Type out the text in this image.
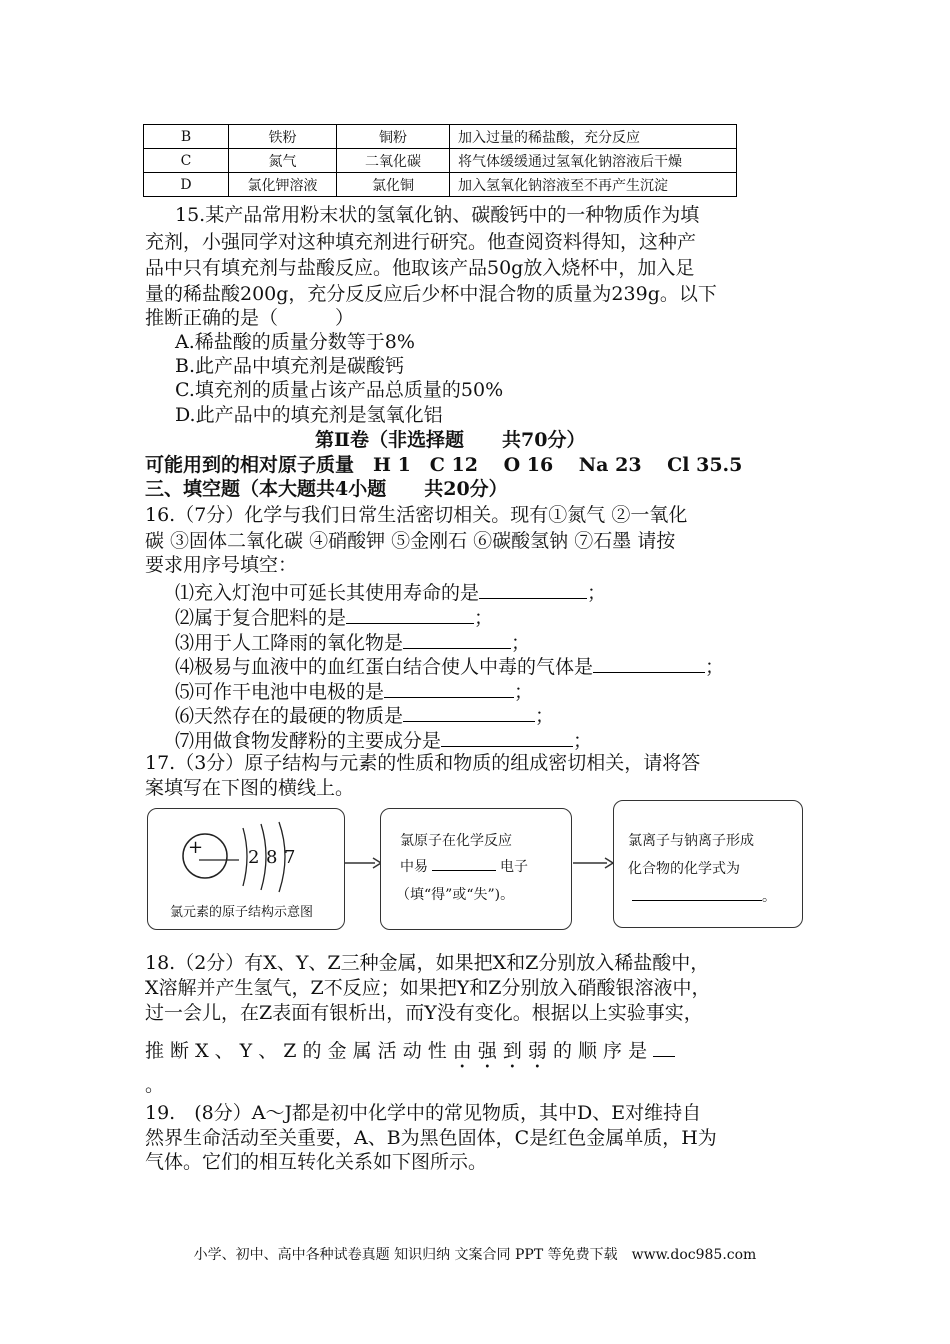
B	铁粉	铜粉	加入过量的稀盐酸，充分反应
C	氮气	二氧化碳	将气体缓缓通过氢氧化钠溶液后干燥
D	氯化钾溶液	氯化铜	加入氢氧化钠溶液至不再产生沉淀
15.某产品常用粉末状的氢氧化钠、碳酸钙中的一种物质作为填
充剂，小强同学对这种填充剂进行研究。他查阅资料得知，这种产
品中只有填充剂与盐酸反应。他取该产品50g放入烧杯中，加入足
量的稀盐酸200g，充分反反应后少杯中混合物的质量为239g。以下
推断正确的是（　　　）
A.稀盐酸的质量分数等于8%
B.此产品中填充剂是碳酸钙
C.填充剂的质量占该产品总质量的50%
D.此产品中的填充剂是氢氧化铝
第Ⅱ卷（非选择题　　共70分）
可能用到的相对原子质量　H 1　C 12　 O 16　 Na 23　 Cl 35.5
三、填空题（本大题共4小题　　共20分）
16.（7分）化学与我们日常生活密切相关。现有①氮气 ②一氧化
碳 ③固体二氧化碳 ④硝酸钾 ⑤金刚石 ⑥碳酸氢钠 ⑦石墨 请按
要求用序号填空：
⑴充入灯泡中可延长其使用寿命的是	；
⑵属于复合肥料的是	；
⑶用于人工降雨的氧化物是	；
⑷极易与血液中的血红蛋白结合使人中毒的气体是	；
⑸可作干电池中电极的是	；
⑹天然存在的最硬的物质是	；
⑺用做食物发酵粉的主要成分是	；
17.（3分）原子结构与元素的性质和物质的组成密切相关，请将答
案填写在下图的横线上。
+ 2 8 7
氯元素的原子结构示意图
氯原子在化学反应
中易	电子
（填“得”或“失”)。
氯离子与钠离子形成
化合物的化学式为
。
18.（2分）有X、Y、Z三种金属，如果把X和Z分别放入稀盐酸中，
X溶解并产生氢气，Z不反应；如果把Y和Z分别放入硝酸银溶液中，
过一会儿，在Z表面有银析出，而Y没有变化。根据以上实验事实，
推 断 X 、 Y 、 Z 的 金 属 活 动 性 由 强 到 弱 的 顺 序 是
。
19.　(8分）A～J都是初中化学中的常见物质，其中D、E对维持自
然界生命活动至关重要，A、B为黑色固体，C是红色金属单质，H为
气体。它们的相互转化关系如下图所示。
小学、初中、高中各种试卷真题 知识归纳 文案合同 PPT 等免费下载　www.doc985.com
